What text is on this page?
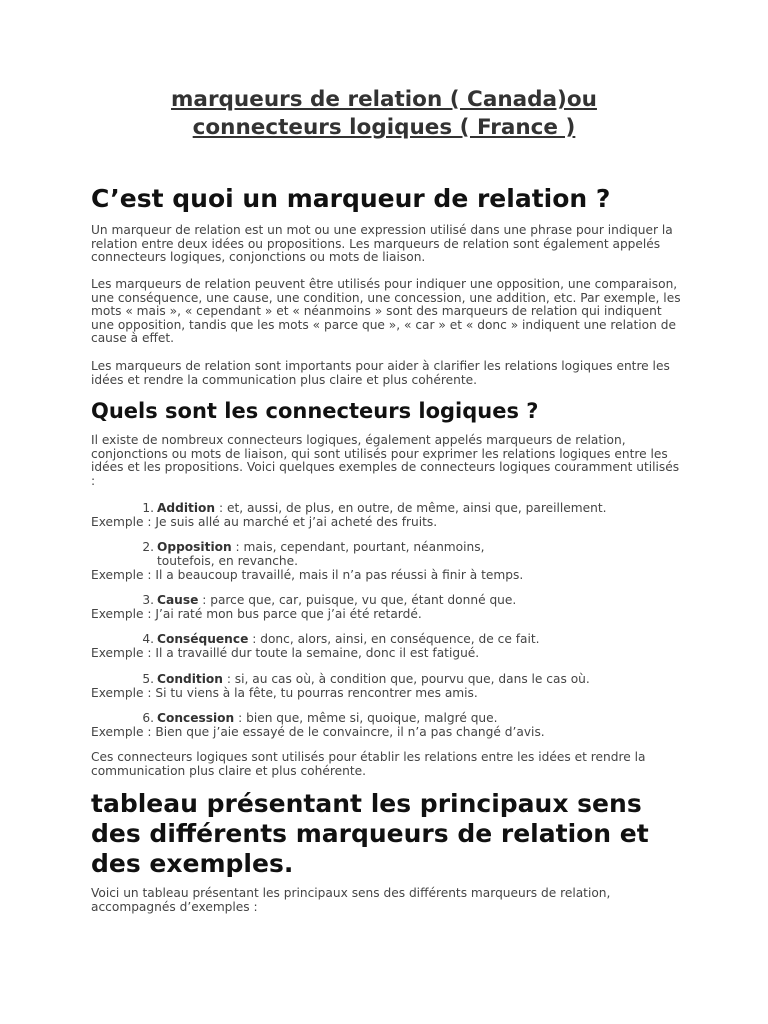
marqueurs de relation ( Canada)ou
connecteurs logiques ( France )
C’est quoi un marqueur de relation ?

Un marqueur de relation est un mot ou une expression utilisé dans une phrase pour indiquer la relation entre deux idées ou propositions. Les marqueurs de relation sont également appelés connecteurs logiques, conjonctions ou mots de liaison.

Les marqueurs de relation peuvent être utilisés pour indiquer une opposition, une comparaison, une conséquence, une cause, une condition, une concession, une addition, etc. Par exemple, les mots « mais », « cependant » et « néanmoins » sont des marqueurs de relation qui indiquent une opposition, tandis que les mots « parce que », « car » et « donc » indiquent une relation de cause à effet.

Les marqueurs de relation sont importants pour aider à clarifier les relations logiques entre les idées et rendre la communication plus claire et plus cohérente.

Quels sont les connecteurs logiques ?

Il existe de nombreux connecteurs logiques, également appelés marqueurs de relation, conjonctions ou mots de liaison, qui sont utilisés pour exprimer les relations logiques entre les idées et les propositions. Voici quelques exemples de connecteurs logiques couramment utilisés :

1. Addition : et, aussi, de plus, en outre, de même, ainsi que, pareillement.
Exemple : Je suis allé au marché et j’ai acheté des fruits.
2. Opposition : mais, cependant, pourtant, néanmoins, toutefois, en revanche.
Exemple : Il a beaucoup travaillé, mais il n’a pas réussi à finir à temps.
3. Cause : parce que, car, puisque, vu que, étant donné que.
Exemple : J’ai raté mon bus parce que j’ai été retardé.
4. Conséquence : donc, alors, ainsi, en conséquence, de ce fait.
Exemple : Il a travaillé dur toute la semaine, donc il est fatigué.
5. Condition : si, au cas où, à condition que, pourvu que, dans le cas où.
Exemple : Si tu viens à la fête, tu pourras rencontrer mes amis.
6. Concession : bien que, même si, quoique, malgré que.
Exemple : Bien que j’aie essayé de le convaincre, il n’a pas changé d’avis.

Ces connecteurs logiques sont utilisés pour établir les relations entre les idées et rendre la communication plus claire et plus cohérente.

tableau présentant les principaux sens des différents marqueurs de relation et des exemples.

Voici un tableau présentant les principaux sens des différents marqueurs de relation, accompagnés d’exemples :
